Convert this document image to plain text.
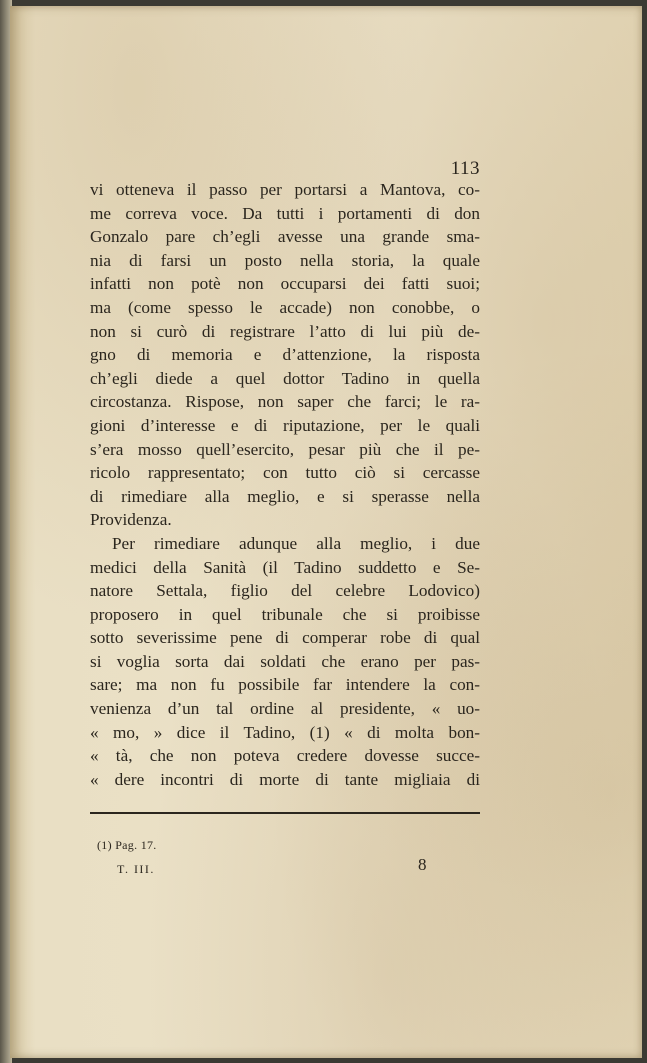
113
vi otteneva il passo per portarsi a Mantova, co-
me correva voce. Da tutti i portamenti di don
Gonzalo pare ch’egli avesse una grande sma-
nia di farsi un posto nella storia, la quale
infatti non potè non occuparsi dei fatti suoi;
ma (come spesso le accade) non conobbe, o
non si curò di registrare l’atto di lui più de-
gno di memoria e d’attenzione, la risposta
ch’egli diede a quel dottor Tadino in quella
circostanza. Rispose, non saper che farci; le ra-
gioni d’interesse e di riputazione, per le quali
s’era mosso quell’esercito, pesar più che il pe-
ricolo rappresentato; con tutto ciò si cercasse
di rimediare alla meglio, e si sperasse nella
Providenza.
Per rimediare adunque alla meglio, i due
medici della Sanità (il Tadino suddetto e Se-
natore Settala, figlio del celebre Lodovico)
proposero in quel tribunale che si proibisse
sotto severissime pene di comperar robe di qual
si voglia sorta dai soldati che erano per pas-
sare; ma non fu possibile far intendere la con-
venienza d’un tal ordine al presidente, « uo-
« mo, » dice il Tadino, (1) « di molta bon-
« tà, che non poteva credere dovesse succe-
« dere incontri di morte di tante migliaia di
(1) Pag. 17.
T. III.	8
